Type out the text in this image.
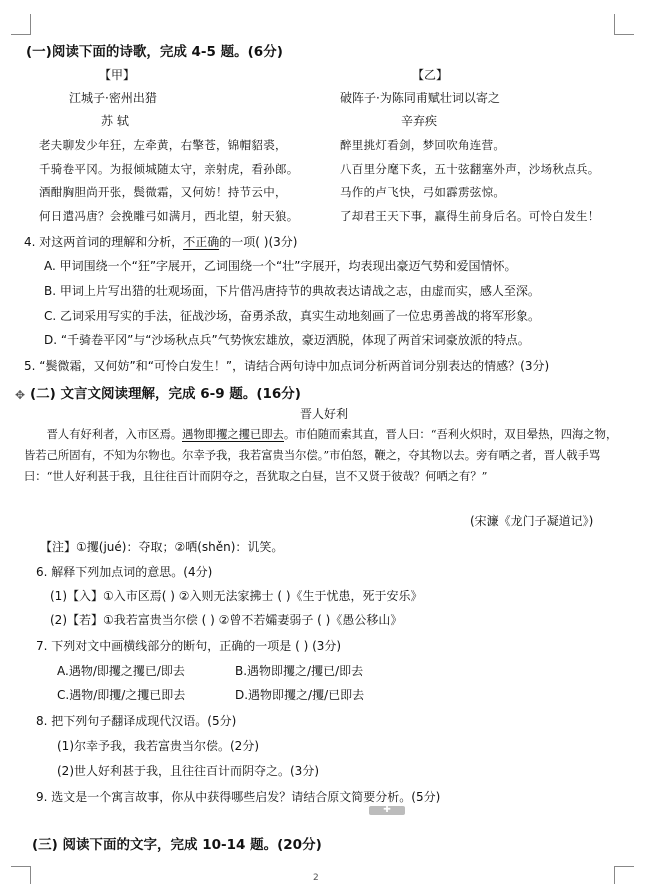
(一)阅读下面的诗歌，完成 4-5 题。(6分)
【甲】	【乙】
江城子·密州出猎	破阵子·为陈同甫赋壮词以寄之
苏 轼	辛弃疾
老夫聊发少年狂，左牵黄，右擎苍，锦帽貂裘，
千骑卷平冈。为报倾城随太守，亲射虎，看孙郎。
酒酣胸胆尚开张，鬓微霜，又何妨！持节云中，
何日遣冯唐？会挽雕弓如满月，西北望，射天狼。
醉里挑灯看剑，梦回吹角连营。
八百里分麾下炙，五十弦翻塞外声，沙场秋点兵。
马作的卢飞快，弓如霹雳弦惊。
了却君王天下事，赢得生前身后名。可怜白发生！
4. 对这两首词的理解和分析，不正确的一项( )(3分)
A. 甲词围绕一个“狂”字展开，乙词围绕一个“壮”字展开，均表现出豪迈气势和爱国情怀。
B. 甲词上片写出猎的壮观场面，下片借冯唐持节的典故表达请战之志，由虚而实，感人至深。
C. 乙词采用写实的手法，征战沙场，奋勇杀敌，真实生动地刻画了一位忠勇善战的将军形象。
D. “千骑卷平冈”与“沙场秋点兵”气势恢宏雄放，豪迈洒脱，体现了两首宋词豪放派的特点。
5. “鬓微霜，又何妨”和“可怜白发生！”，请结合两句诗中加点词分析两首词分别表达的情感？(3分)
✥ (二) 文言文阅读理解，完成 6-9 题。(16分)
晋人好利
晋人有好利者，入市区焉。遇物即攫之攫已即去。市伯随而索其直，晋人曰：“吾利火炽时，双目晕热，四海之物，皆若己所固有，不知为尔物也。尔幸予我，我若富贵当尔偿。”市伯怒，鞭之，夺其物以去。旁有哂之者，晋人戟手骂曰：“世人好利甚于我，且往往百计而阴夺之，吾犹取之白昼，岂不又贤于彼哉？何哂之有？”
(宋濂《龙门子凝道记》)
【注】①攫(jué)：夺取；②哂(shěn)：讥笑。
6. 解释下列加点词的意思。(4分)
(1)【入】①入市区焉( ) ②入则无法家拂士 ( )《生于忧患，死于安乐》
(2)【若】①我若富贵当尔偿 ( ) ②曾不若孀妻弱子 ( )《愚公移山》
7. 下列对文中画横线部分的断句，正确的一项是 ( ) (3分)
A.遇物/即攫之攫已/即去	B.遇物即攫之/攫已/即去
C.遇物/即攫/之攫已即去	D.遇物即攫之/攫/已即去
8. 把下列句子翻译成现代汉语。(5分)
(1)尔幸予我，我若富贵当尔偿。(2分)
(2)世人好利甚于我，且往往百计而阴夺之。(3分)
9. 选文是一个寓言故事，你从中获得哪些启发？请结合原文简要分析。(5分)
✚
(三) 阅读下面的文字，完成 10-14 题。(20分)
2
